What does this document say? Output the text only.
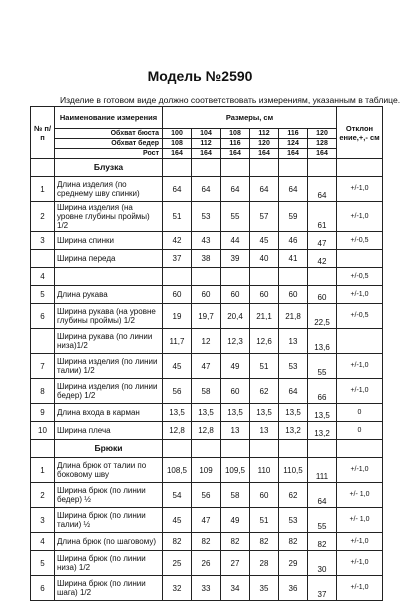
Модель №2590
Изделие в готовом виде должно соответствовать измерениям, указанным в таблице.
№ п/п	Наименование измерения	Размеры, см						Отклон ение,+,- см
	Обхват бюста	100	104	108	112	116	120	
	Обхват бедер	108	112	116	120	124	128	
	Рост	164	164	164	164	164	164	
	Блузка							
1	Длина изделия (по среднему шву спинки)	64	64	64	64	64	64	+/-1,0
2	Ширина изделия (на уровне глубины проймы) 1/2	51	53	55	57	59	61	+/-1,0
3	Ширина спинки	42	43	44	45	46	47	+/-0,5
	Ширина переда	37	38	39	40	41	42	
4								+/-0,5
5	Длина рукава	60	60	60	60	60	60	+/-1,0
6	Ширина рукава (на уровне глубины проймы) 1/2	19	19,7	20,4	21,1	21,8	22,5	+/-0,5
	Ширина рукава (по линии низа)1/2	11,7	12	12,3	12,6	13	13,6	
7	Ширина изделия (по линии талии) 1/2	45	47	49	51	53	55	+/-1,0
8	Ширина изделия (по линии бедер) 1/2	56	58	60	62	64	66	+/-1,0
9	Длина входа в карман	13,5	13,5	13,5	13,5	13,5	13,5	0
10	Ширина плеча	12,8	12,8	13	13	13,2	13,2	0
	Брюки							
1	Длина брюк от талии по боковому шву	108,5	109	109,5	110	110,5	111	+/-1,0
2	Ширина брюк (по линии бедер) ½	54	56	58	60	62	64	+/- 1,0
3	Ширина брюк (по линии талии) ½	45	47	49	51	53	55	+/- 1,0
4	Длина брюк (по шаговому)	82	82	82	82	82	82	+/-1,0
5	Ширина брюк (по линии низа) 1/2	25	26	27	28	29	30	+/-1,0
6	Ширина брюк (по линии шага) 1/2	32	33	34	35	36	37	+/-1,0
